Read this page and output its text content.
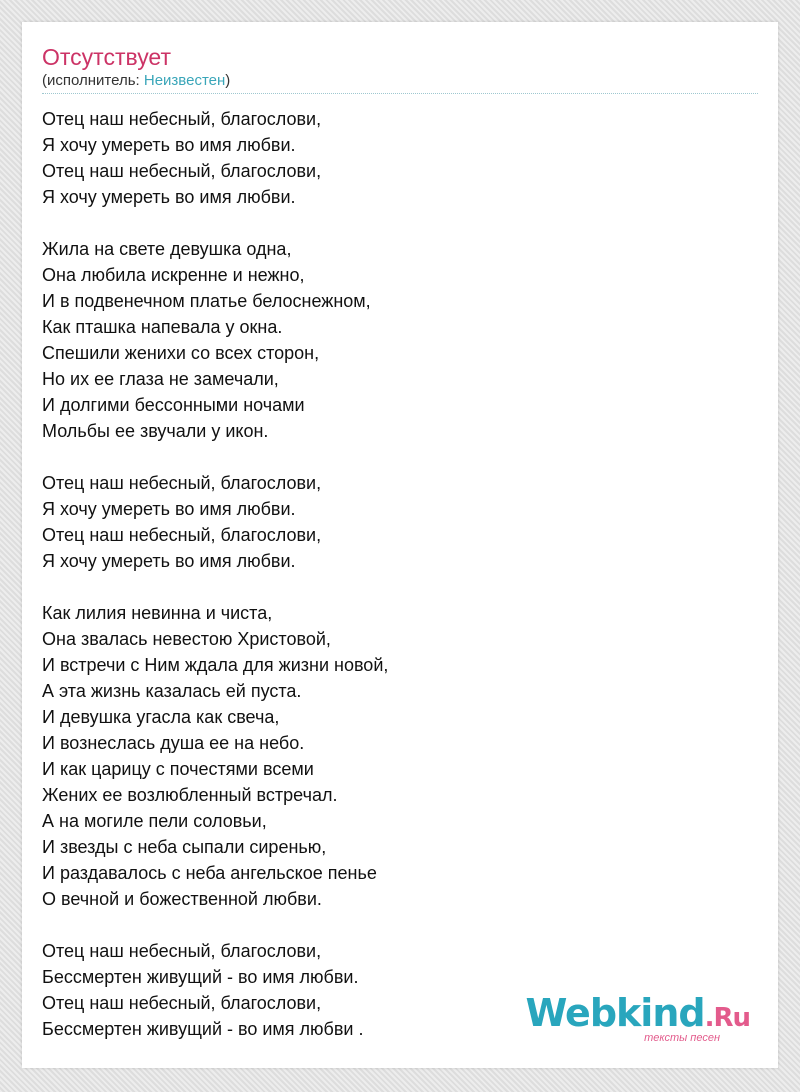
Отсутствует
(исполнитель: Неизвестен)
Отец наш небесный, благослови,
Я хочу умереть во имя любви.
Отец наш небесный, благослови,
Я хочу умереть во имя любви.
Жила на свете девушка одна,
Она любила искренне и нежно,
И в подвенечном платье белоснежном,
Как пташка напевала у окна.
Спешили женихи со всех сторон,
Но их ее глаза не замечали,
И долгими бессонными ночами
Мольбы ее звучали у икон.
Отец наш небесный, благослови,
Я хочу умереть во имя любви.
Отец наш небесный, благослови,
Я хочу умереть во имя любви.
Как лилия невинна и чиста,
Она звалась невестою Христовой,
И встречи с Ним ждала для жизни новой,
А эта жизнь казалась ей пуста.
И девушка угасла как свеча,
И вознеслась душа ее на небо.
И как царицу с почестями всеми
Жених ее возлюбленный встречал.
А на могиле пели соловьи,
И звезды с неба сыпали сиренью,
И раздавалось с неба ангельское пенье
О вечной и божественной любви.
Отец наш небесный, благослови,
Бессмертен живущий - во имя любви.
Отец наш небесный, благослови,
Бессмертен живущий - во имя любви .	Webkind.Ru
тексты песен
